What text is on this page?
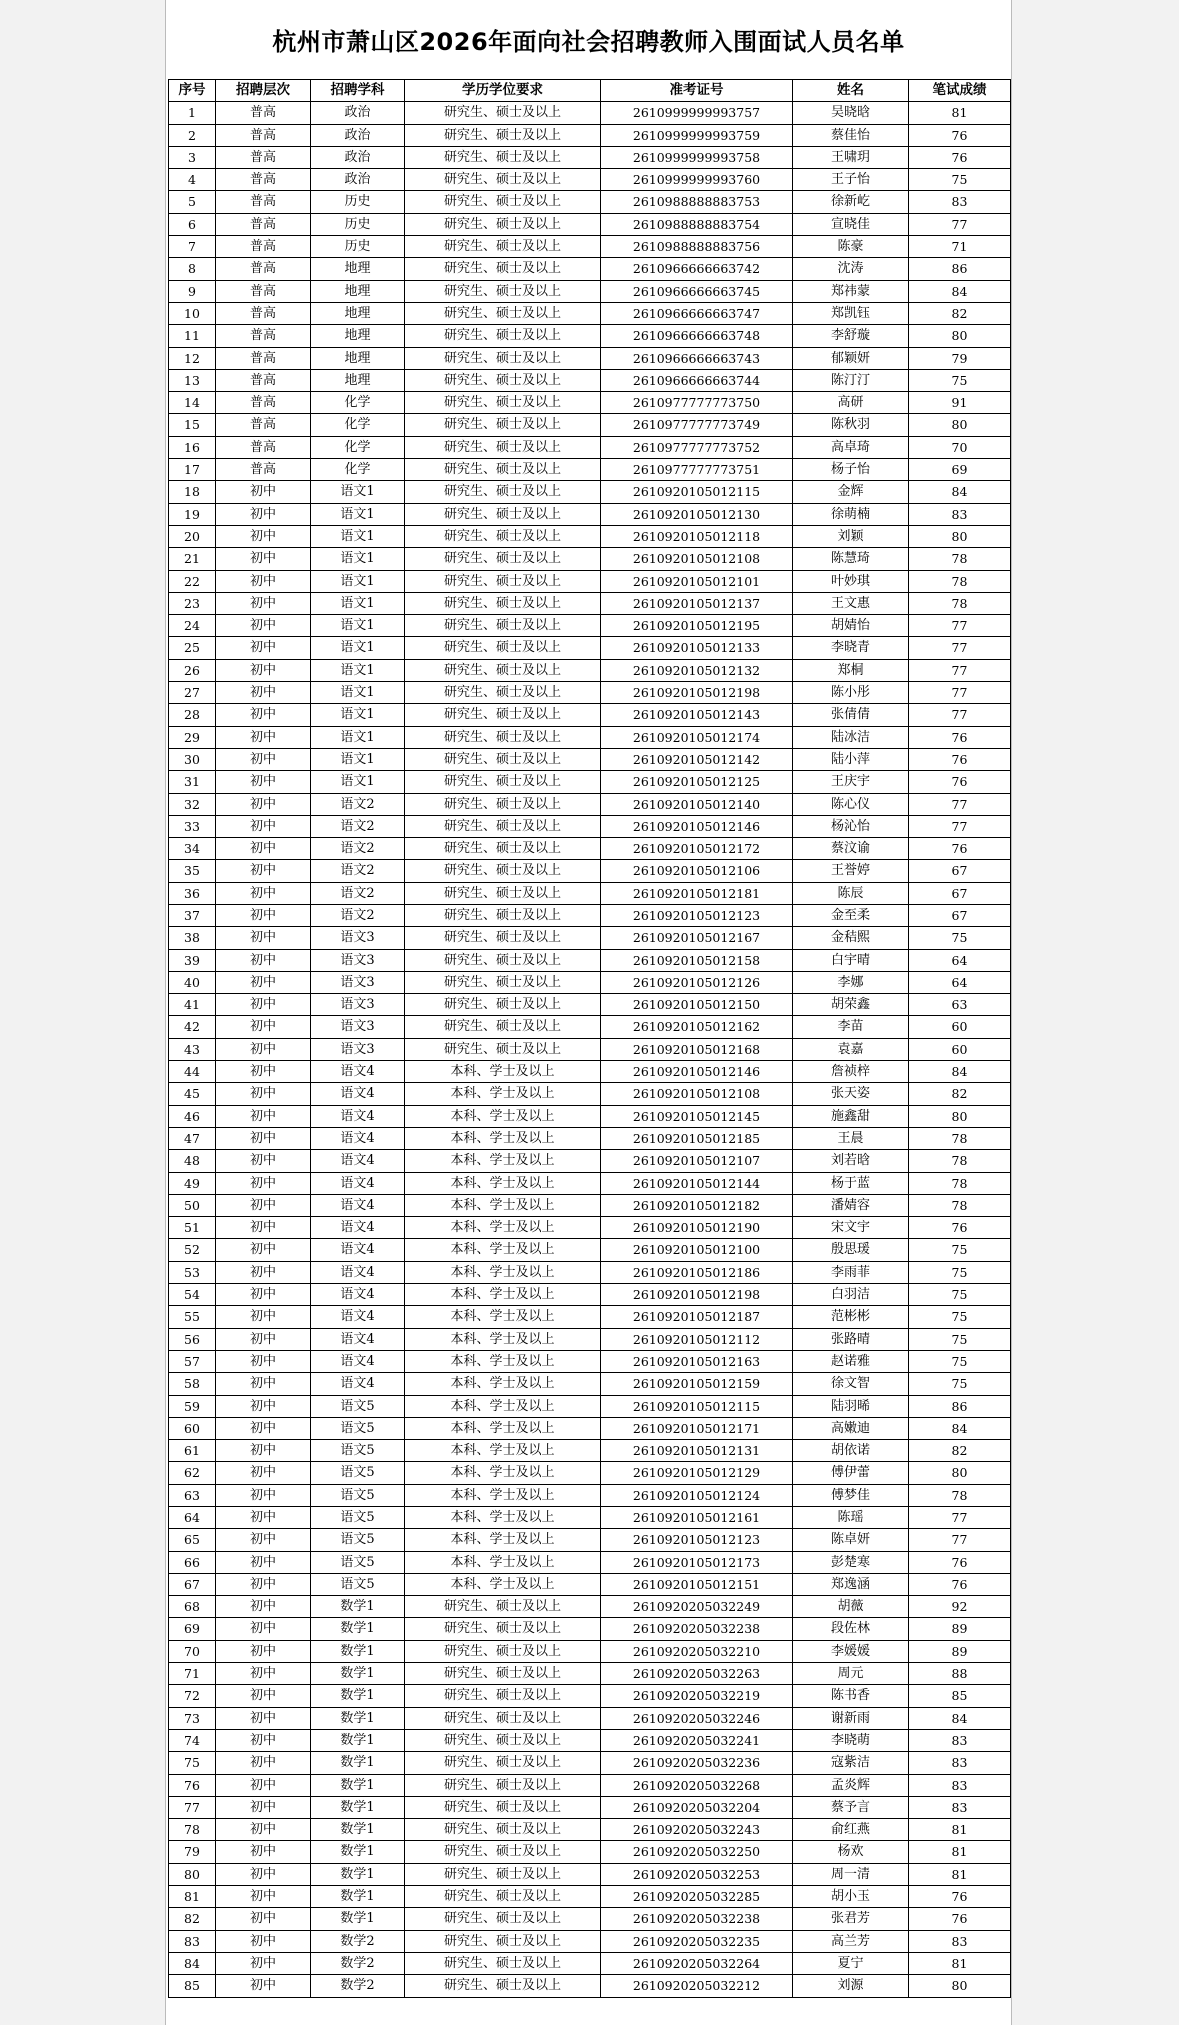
杭州市萧山区2026年面向社会招聘教师入围面试人员名单
序号	招聘层次	招聘学科	学历学位要求	准考证号	姓名	笔试成绩
1	普高	政治	研究生、硕士及以上	2610999999993757	吴晓晗	81
2	普高	政治	研究生、硕士及以上	2610999999993759	蔡佳怡	76
3	普高	政治	研究生、硕士及以上	2610999999993758	王啸玥	76
4	普高	政治	研究生、硕士及以上	2610999999993760	王子怡	75
5	普高	历史	研究生、硕士及以上	2610988888883753	徐新屹	83
6	普高	历史	研究生、硕士及以上	2610988888883754	宣晓佳	77
7	普高	历史	研究生、硕士及以上	2610988888883756	陈豪	71
8	普高	地理	研究生、硕士及以上	2610966666663742	沈涛	86
9	普高	地理	研究生、硕士及以上	2610966666663745	郑祎蒙	84
10	普高	地理	研究生、硕士及以上	2610966666663747	郑凯钰	82
11	普高	地理	研究生、硕士及以上	2610966666663748	李舒璇	80
12	普高	地理	研究生、硕士及以上	2610966666663743	郁颖妍	79
13	普高	地理	研究生、硕士及以上	2610966666663744	陈汀汀	75
14	普高	化学	研究生、硕士及以上	2610977777773750	高研	91
15	普高	化学	研究生、硕士及以上	2610977777773749	陈秋羽	80
16	普高	化学	研究生、硕士及以上	2610977777773752	高卓琦	70
17	普高	化学	研究生、硕士及以上	2610977777773751	杨子怡	69
18	初中	语文1	研究生、硕士及以上	2610920105012115	金辉	84
19	初中	语文1	研究生、硕士及以上	2610920105012130	徐萌楠	83
20	初中	语文1	研究生、硕士及以上	2610920105012118	刘颖	80
21	初中	语文1	研究生、硕士及以上	2610920105012108	陈慧琦	78
22	初中	语文1	研究生、硕士及以上	2610920105012101	叶妙琪	78
23	初中	语文1	研究生、硕士及以上	2610920105012137	王文惠	78
24	初中	语文1	研究生、硕士及以上	2610920105012195	胡婧怡	77
25	初中	语文1	研究生、硕士及以上	2610920105012133	李晓青	77
26	初中	语文1	研究生、硕士及以上	2610920105012132	郑桐	77
27	初中	语文1	研究生、硕士及以上	2610920105012198	陈小彤	77
28	初中	语文1	研究生、硕士及以上	2610920105012143	张倩倩	77
29	初中	语文1	研究生、硕士及以上	2610920105012174	陆冰洁	76
30	初中	语文1	研究生、硕士及以上	2610920105012142	陆小萍	76
31	初中	语文1	研究生、硕士及以上	2610920105012125	王庆宇	76
32	初中	语文2	研究生、硕士及以上	2610920105012140	陈心仪	77
33	初中	语文2	研究生、硕士及以上	2610920105012146	杨沁怡	77
34	初中	语文2	研究生、硕士及以上	2610920105012172	蔡汶谕	76
35	初中	语文2	研究生、硕士及以上	2610920105012106	王誉婷	67
36	初中	语文2	研究生、硕士及以上	2610920105012181	陈辰	67
37	初中	语文2	研究生、硕士及以上	2610920105012123	金至柔	67
38	初中	语文3	研究生、硕士及以上	2610920105012167	金秸熙	75
39	初中	语文3	研究生、硕士及以上	2610920105012158	白宇晴	64
40	初中	语文3	研究生、硕士及以上	2610920105012126	李娜	64
41	初中	语文3	研究生、硕士及以上	2610920105012150	胡荣鑫	63
42	初中	语文3	研究生、硕士及以上	2610920105012162	李苗	60
43	初中	语文3	研究生、硕士及以上	2610920105012168	袁嘉	60
44	初中	语文4	本科、学士及以上	2610920105012146	詹祯梓	84
45	初中	语文4	本科、学士及以上	2610920105012108	张天姿	82
46	初中	语文4	本科、学士及以上	2610920105012145	施鑫甜	80
47	初中	语文4	本科、学士及以上	2610920105012185	王晨	78
48	初中	语文4	本科、学士及以上	2610920105012107	刘若晗	78
49	初中	语文4	本科、学士及以上	2610920105012144	杨于蓝	78
50	初中	语文4	本科、学士及以上	2610920105012182	潘婧容	78
51	初中	语文4	本科、学士及以上	2610920105012190	宋文宇	76
52	初中	语文4	本科、学士及以上	2610920105012100	殷思瑗	75
53	初中	语文4	本科、学士及以上	2610920105012186	李雨菲	75
54	初中	语文4	本科、学士及以上	2610920105012198	白羽洁	75
55	初中	语文4	本科、学士及以上	2610920105012187	范彬彬	75
56	初中	语文4	本科、学士及以上	2610920105012112	张路晴	75
57	初中	语文4	本科、学士及以上	2610920105012163	赵诺雅	75
58	初中	语文4	本科、学士及以上	2610920105012159	徐文智	75
59	初中	语文5	本科、学士及以上	2610920105012115	陆羽晞	86
60	初中	语文5	本科、学士及以上	2610920105012171	高嫩迪	84
61	初中	语文5	本科、学士及以上	2610920105012131	胡依诺	82
62	初中	语文5	本科、学士及以上	2610920105012129	傅伊蕾	80
63	初中	语文5	本科、学士及以上	2610920105012124	傅梦佳	78
64	初中	语文5	本科、学士及以上	2610920105012161	陈瑶	77
65	初中	语文5	本科、学士及以上	2610920105012123	陈卓妍	77
66	初中	语文5	本科、学士及以上	2610920105012173	彭楚寒	76
67	初中	语文5	本科、学士及以上	2610920105012151	郑逸涵	76
68	初中	数学1	研究生、硕士及以上	2610920205032249	胡薇	92
69	初中	数学1	研究生、硕士及以上	2610920205032238	段佐林	89
70	初中	数学1	研究生、硕士及以上	2610920205032210	李媛媛	89
71	初中	数学1	研究生、硕士及以上	2610920205032263	周元	88
72	初中	数学1	研究生、硕士及以上	2610920205032219	陈书香	85
73	初中	数学1	研究生、硕士及以上	2610920205032246	谢新雨	84
74	初中	数学1	研究生、硕士及以上	2610920205032241	李晓萌	83
75	初中	数学1	研究生、硕士及以上	2610920205032236	寇紫洁	83
76	初中	数学1	研究生、硕士及以上	2610920205032268	孟炎辉	83
77	初中	数学1	研究生、硕士及以上	2610920205032204	蔡予言	83
78	初中	数学1	研究生、硕士及以上	2610920205032243	俞红燕	81
79	初中	数学1	研究生、硕士及以上	2610920205032250	杨欢	81
80	初中	数学1	研究生、硕士及以上	2610920205032253	周一清	81
81	初中	数学1	研究生、硕士及以上	2610920205032285	胡小玉	76
82	初中	数学1	研究生、硕士及以上	2610920205032238	张君芳	76
83	初中	数学2	研究生、硕士及以上	2610920205032235	高兰芳	83
84	初中	数学2	研究生、硕士及以上	2610920205032264	夏宁	81
85	初中	数学2	研究生、硕士及以上	2610920205032212	刘源	80
